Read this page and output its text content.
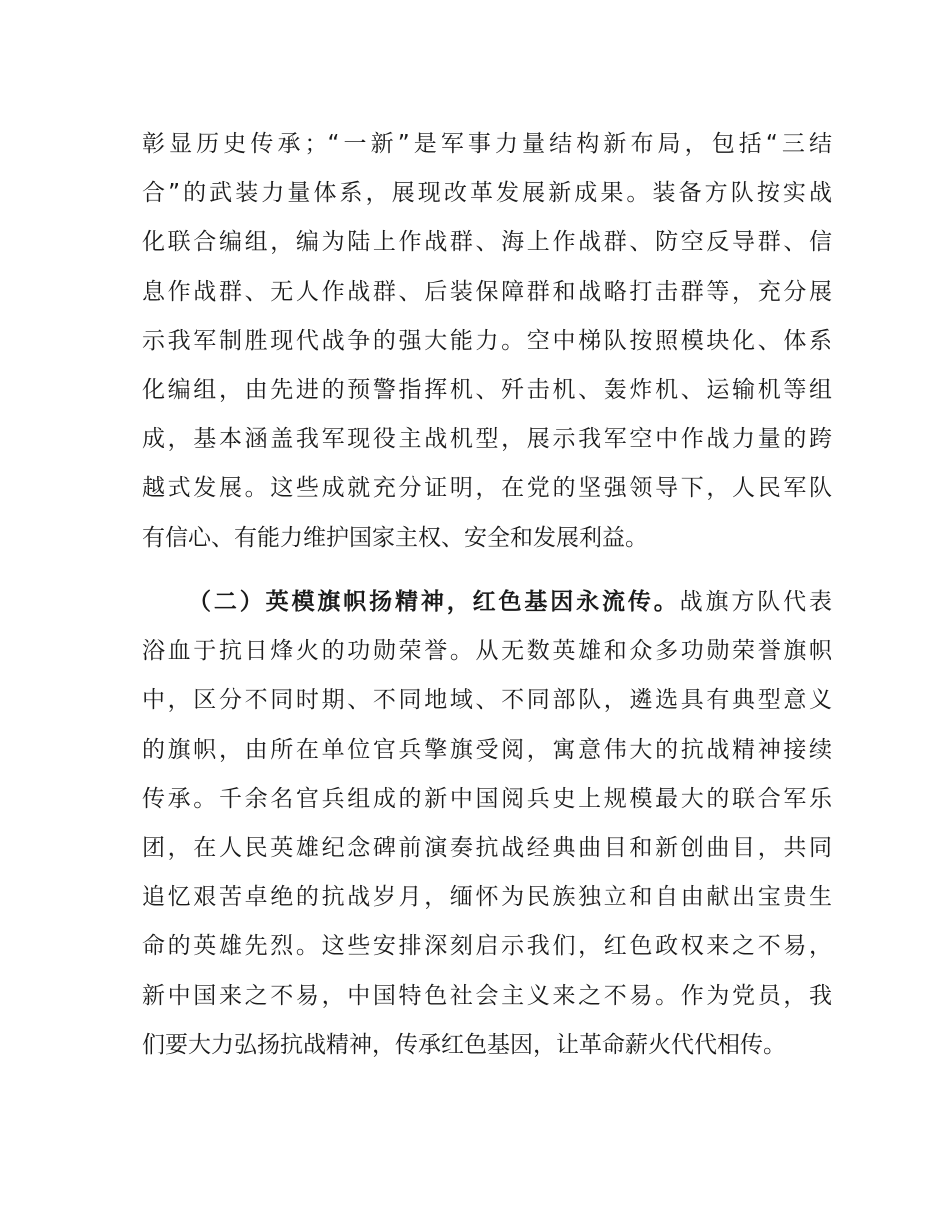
彰显历史传承；“一新”是军事力量结构新布局，包括“三结
合”的武装力量体系，展现改革发展新成果。装备方队按实战
化联合编组，编为陆上作战群、海上作战群、防空反导群、信
息作战群、无人作战群、后装保障群和战略打击群等，充分展
示我军制胜现代战争的强大能力。空中梯队按照模块化、体系
化编组，由先进的预警指挥机、歼击机、轰炸机、运输机等组
成，基本涵盖我军现役主战机型，展示我军空中作战力量的跨
越式发展。这些成就充分证明，在党的坚强领导下，人民军队
有信心、有能力维护国家主权、安全和发展利益。
（二）英模旗帜扬精神，红色基因永流传。战旗方队代表
浴血于抗日烽火的功勋荣誉。从无数英雄和众多功勋荣誉旗帜
中，区分不同时期、不同地域、不同部队，遴选具有典型意义
的旗帜，由所在单位官兵擎旗受阅，寓意伟大的抗战精神接续
传承。千余名官兵组成的新中国阅兵史上规模最大的联合军乐
团，在人民英雄纪念碑前演奏抗战经典曲目和新创曲目，共同
追忆艰苦卓绝的抗战岁月，缅怀为民族独立和自由献出宝贵生
命的英雄先烈。这些安排深刻启示我们，红色政权来之不易，
新中国来之不易，中国特色社会主义来之不易。作为党员，我
们要大力弘扬抗战精神，传承红色基因，让革命薪火代代相传。
